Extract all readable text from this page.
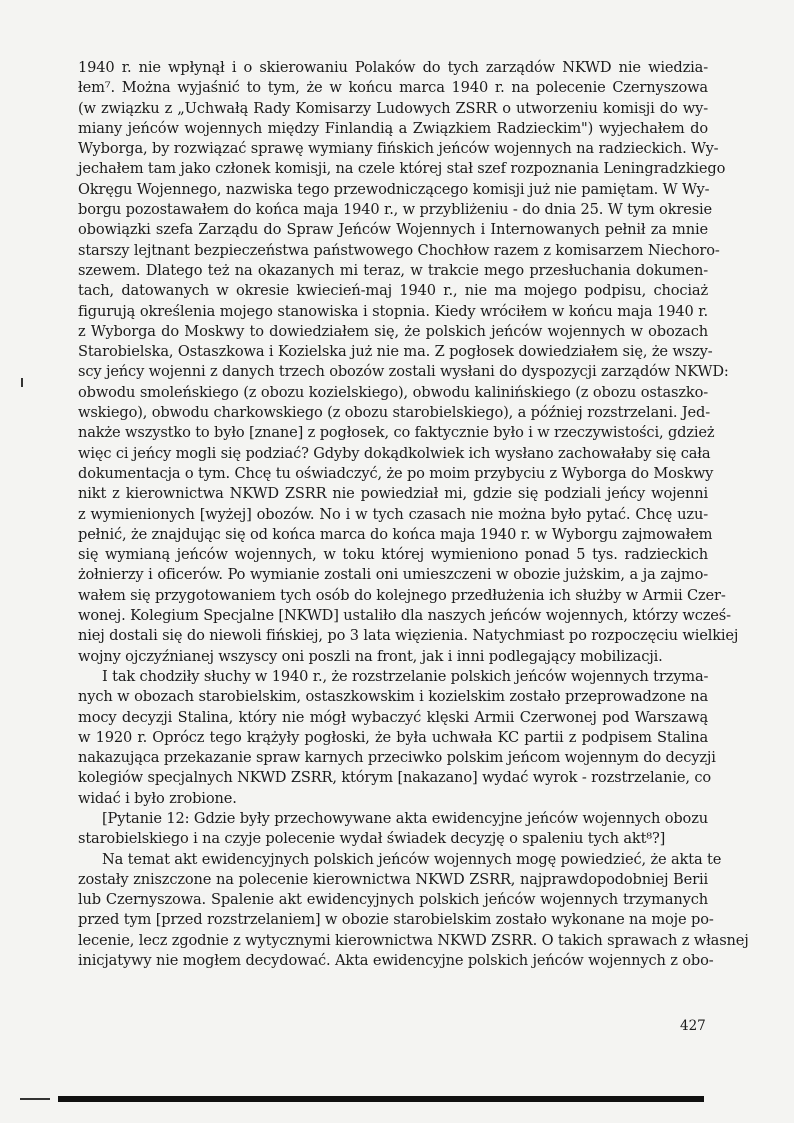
1940 r. nie wpłynął i o skierowaniu Polaków do tych zarządów NKWD nie wiedzia-
łem⁷. Można wyjaśnić to tym, że w końcu marca 1940 r. na polecenie Czernyszowa
(w związku z „Uchwałą Rady Komisarzy Ludowych ZSRR o utworzeniu komisji do wy-
miany jeńców wojennych między Finlandią a Związkiem Radzieckim") wyjechałem do
Wyborga, by rozwiązać sprawę wymiany fińskich jeńców wojennych na radzieckich. Wy-
jechałem tam jako członek komisji, na czele której stał szef rozpoznania Leningradzkiego
Okręgu Wojennego, nazwiska tego przewodniczącego komisji już nie pamiętam. W Wy-
borgu pozostawałem do końca maja 1940 r., w przybliżeniu - do dnia 25. W tym okresie
obowiązki szefa Zarządu do Spraw Jeńców Wojennych i Internowanych pełnił za mnie
starszy lejtnant bezpieczeństwa państwowego Chochłow razem z komisarzem Niechoro-
szewem. Dlatego też na okazanych mi teraz, w trakcie mego przesłuchania dokumen-
tach, datowanych w okresie kwiecień-maj 1940 r., nie ma mojego podpisu, chociaż
figurują określenia mojego stanowiska i stopnia. Kiedy wróciłem w końcu maja 1940 r.
z Wyborga do Moskwy to dowiedziałem się, że polskich jeńców wojennych w obozach
Starobielska, Ostaszkowa i Kozielska już nie ma. Z pogłosek dowiedziałem się, że wszy-
scy jeńcy wojenni z danych trzech obozów zostali wysłani do dyspozycji zarządów NKWD:
obwodu smoleńskiego (z obozu kozielskiego), obwodu kalinińskiego (z obozu ostaszko-
wskiego), obwodu charkowskiego (z obozu starobielskiego), a później rozstrzelani. Jed-
nakże wszystko to było [znane] z pogłosek, co faktycznie było i w rzeczywistości, gdzież
więc ci jeńcy mogli się podziać? Gdyby dokądkolwiek ich wysłano zachowałaby się cała
dokumentacja o tym. Chcę tu oświadczyć, że po moim przybyciu z Wyborga do Moskwy
nikt z kierownictwa NKWD ZSRR nie powiedział mi, gdzie się podziali jeńcy wojenni
z wymienionych [wyżej] obozów. No i w tych czasach nie można było pytać. Chcę uzu-
pełnić, że znajdując się od końca marca do końca maja 1940 r. w Wyborgu zajmowałem
się wymianą jeńców wojennych, w toku której wymieniono ponad 5 tys. radzieckich
żołnierzy i oficerów. Po wymianie zostali oni umieszczeni w obozie jużskim, a ja zajmo-
wałem się przygotowaniem tych osób do kolejnego przedłużenia ich służby w Armii Czer-
wonej. Kolegium Specjalne [NKWD] ustaliło dla naszych jeńców wojennych, którzy wcześ-
niej dostali się do niewoli fińskiej, po 3 lata więzienia. Natychmiast po rozpoczęciu wielkiej
wojny ojczyźnianej wszyscy oni poszli na front, jak i inni podlegający mobilizacji.
I tak chodziły słuchy w 1940 r., że rozstrzelanie polskich jeńców wojennych trzyma-
nych w obozach starobielskim, ostaszkowskim i kozielskim zostało przeprowadzone na
mocy decyzji Stalina, który nie mógł wybaczyć klęski Armii Czerwonej pod Warszawą
w 1920 r. Oprócz tego krążyły pogłoski, że była uchwała KC partii z podpisem Stalina
nakazująca przekazanie spraw karnych przeciwko polskim jeńcom wojennym do decyzji
kolegiów specjalnych NKWD ZSRR, którym [nakazano] wydać wyrok - rozstrzelanie, co
widać i było zrobione.
[Pytanie 12: Gdzie były przechowywane akta ewidencyjne jeńców wojennych obozu
starobielskiego i na czyje polecenie wydał świadek decyzję o spaleniu tych akt⁸?]
Na temat akt ewidencyjnych polskich jeńców wojennych mogę powiedzieć, że akta te
zostały zniszczone na polecenie kierownictwa NKWD ZSRR, najprawdopodobniej Berii
lub Czernyszowa. Spalenie akt ewidencyjnych polskich jeńców wojennych trzymanych
przed tym [przed rozstrzelaniem] w obozie starobielskim zostało wykonane na moje po-
lecenie, lecz zgodnie z wytycznymi kierownictwa NKWD ZSRR. O takich sprawach z własnej
inicjatywy nie mogłem decydować. Akta ewidencyjne polskich jeńców wojennych z obo-
427
